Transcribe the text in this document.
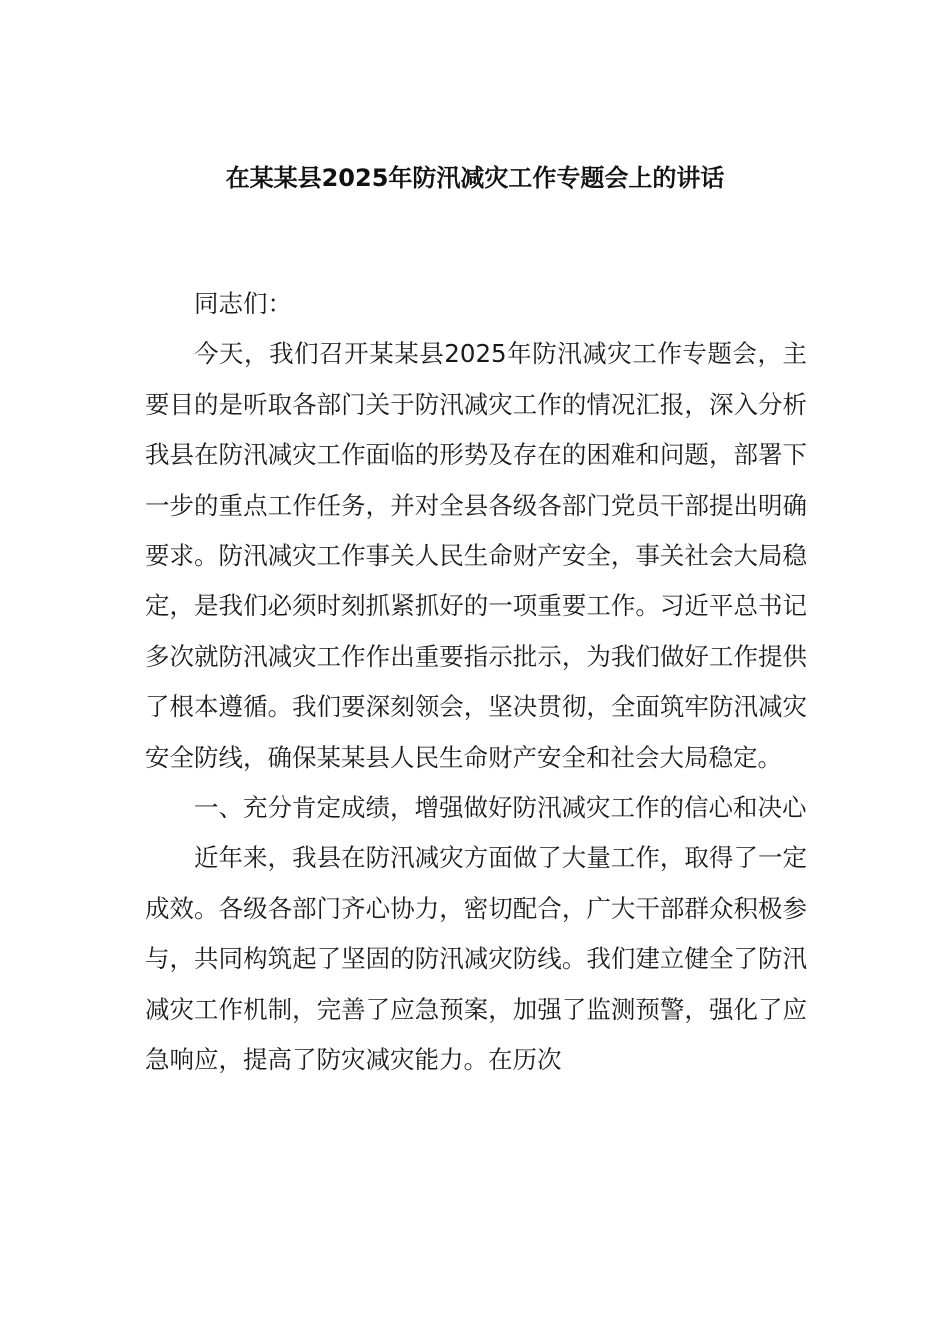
在某某县2025年防汛减灾工作专题会上的讲话

同志们：

今天，我们召开某某县2025年防汛减灾工作专题会，主要目的是听取各部门关于防汛减灾工作的情况汇报，深入分析我县在防汛减灾工作面临的形势及存在的困难和问题，部署下一步的重点工作任务，并对全县各级各部门党员干部提出明确要求。防汛减灾工作事关人民生命财产安全，事关社会大局稳定，是我们必须时刻抓紧抓好的一项重要工作。习近平总书记多次就防汛减灾工作作出重要指示批示，为我们做好工作提供了根本遵循。我们要深刻领会，坚决贯彻，全面筑牢防汛减灾安全防线，确保某某县人民生命财产安全和社会大局稳定。

一、充分肯定成绩，增强做好防汛减灾工作的信心和决心

近年来，我县在防汛减灾方面做了大量工作，取得了一定成效。各级各部门齐心协力，密切配合，广大干部群众积极参与，共同构筑起了坚固的防汛减灾防线。我们建立健全了防汛减灾工作机制，完善了应急预案，加强了监测预警，强化了应急响应，提高了防灾减灾能力。在历次
